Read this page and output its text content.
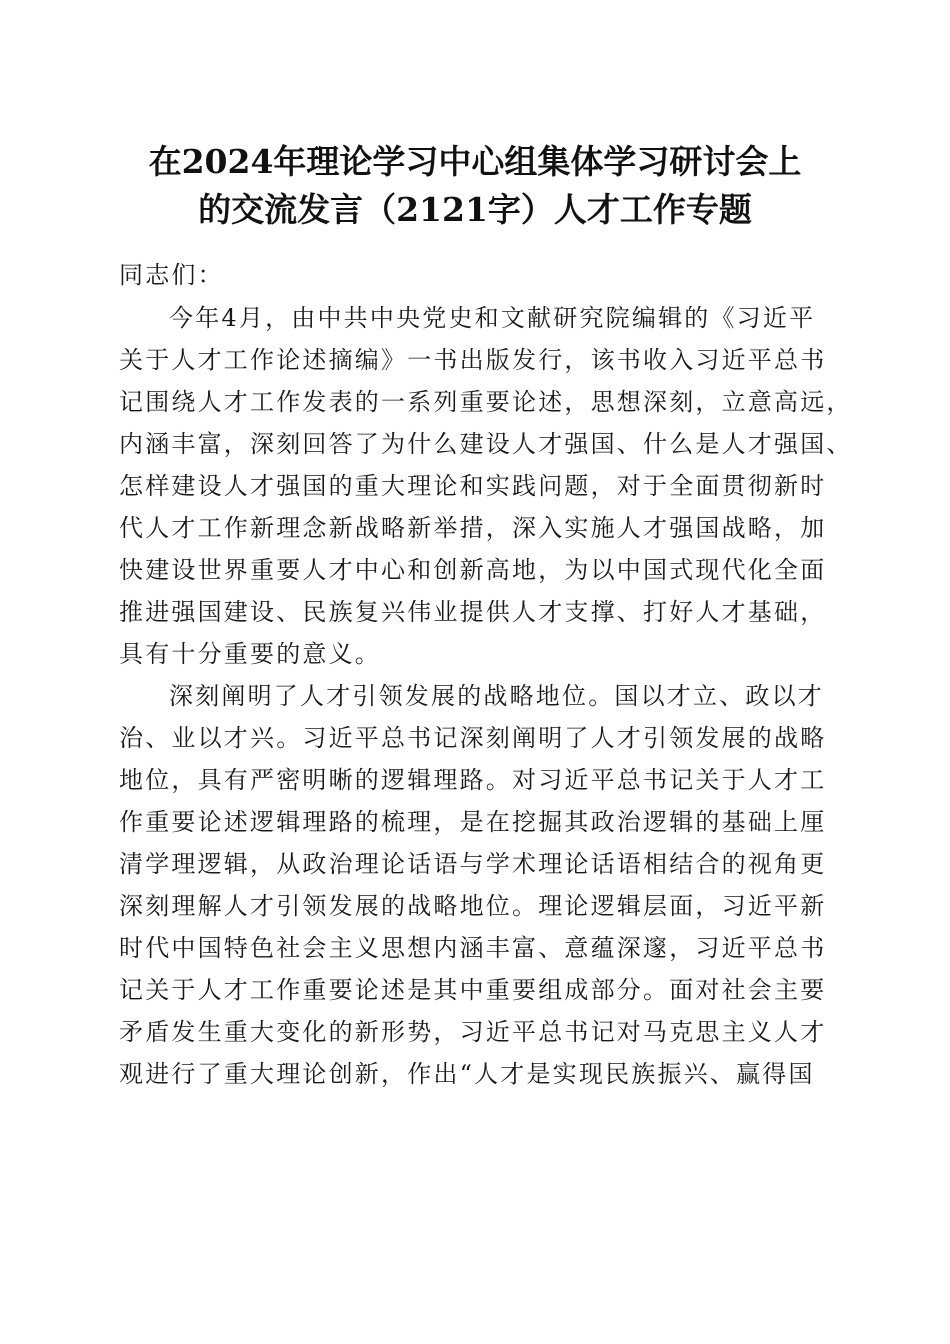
在2024年理论学习中心组集体学习研讨会上
的交流发言（2121字）人才工作专题
同志们：
今年4月，由中共中央党史和文献研究院编辑的《习近平
关于人才工作论述摘编》一书出版发行，该书收入习近平总书
记围绕人才工作发表的一系列重要论述，思想深刻，立意高远，
内涵丰富，深刻回答了为什么建设人才强国、什么是人才强国、
怎样建设人才强国的重大理论和实践问题，对于全面贯彻新时
代人才工作新理念新战略新举措，深入实施人才强国战略，加
快建设世界重要人才中心和创新高地，为以中国式现代化全面
推进强国建设、民族复兴伟业提供人才支撑、打好人才基础，
具有十分重要的意义。
深刻阐明了人才引领发展的战略地位。国以才立、政以才
治、业以才兴。习近平总书记深刻阐明了人才引领发展的战略
地位，具有严密明晰的逻辑理路。对习近平总书记关于人才工
作重要论述逻辑理路的梳理，是在挖掘其政治逻辑的基础上厘
清学理逻辑，从政治理论话语与学术理论话语相结合的视角更
深刻理解人才引领发展的战略地位。理论逻辑层面，习近平新
时代中国特色社会主义思想内涵丰富、意蕴深邃，习近平总书
记关于人才工作重要论述是其中重要组成部分。面对社会主要
矛盾发生重大变化的新形势，习近平总书记对马克思主义人才
观进行了重大理论创新，作出“人才是实现民族振兴、赢得国
